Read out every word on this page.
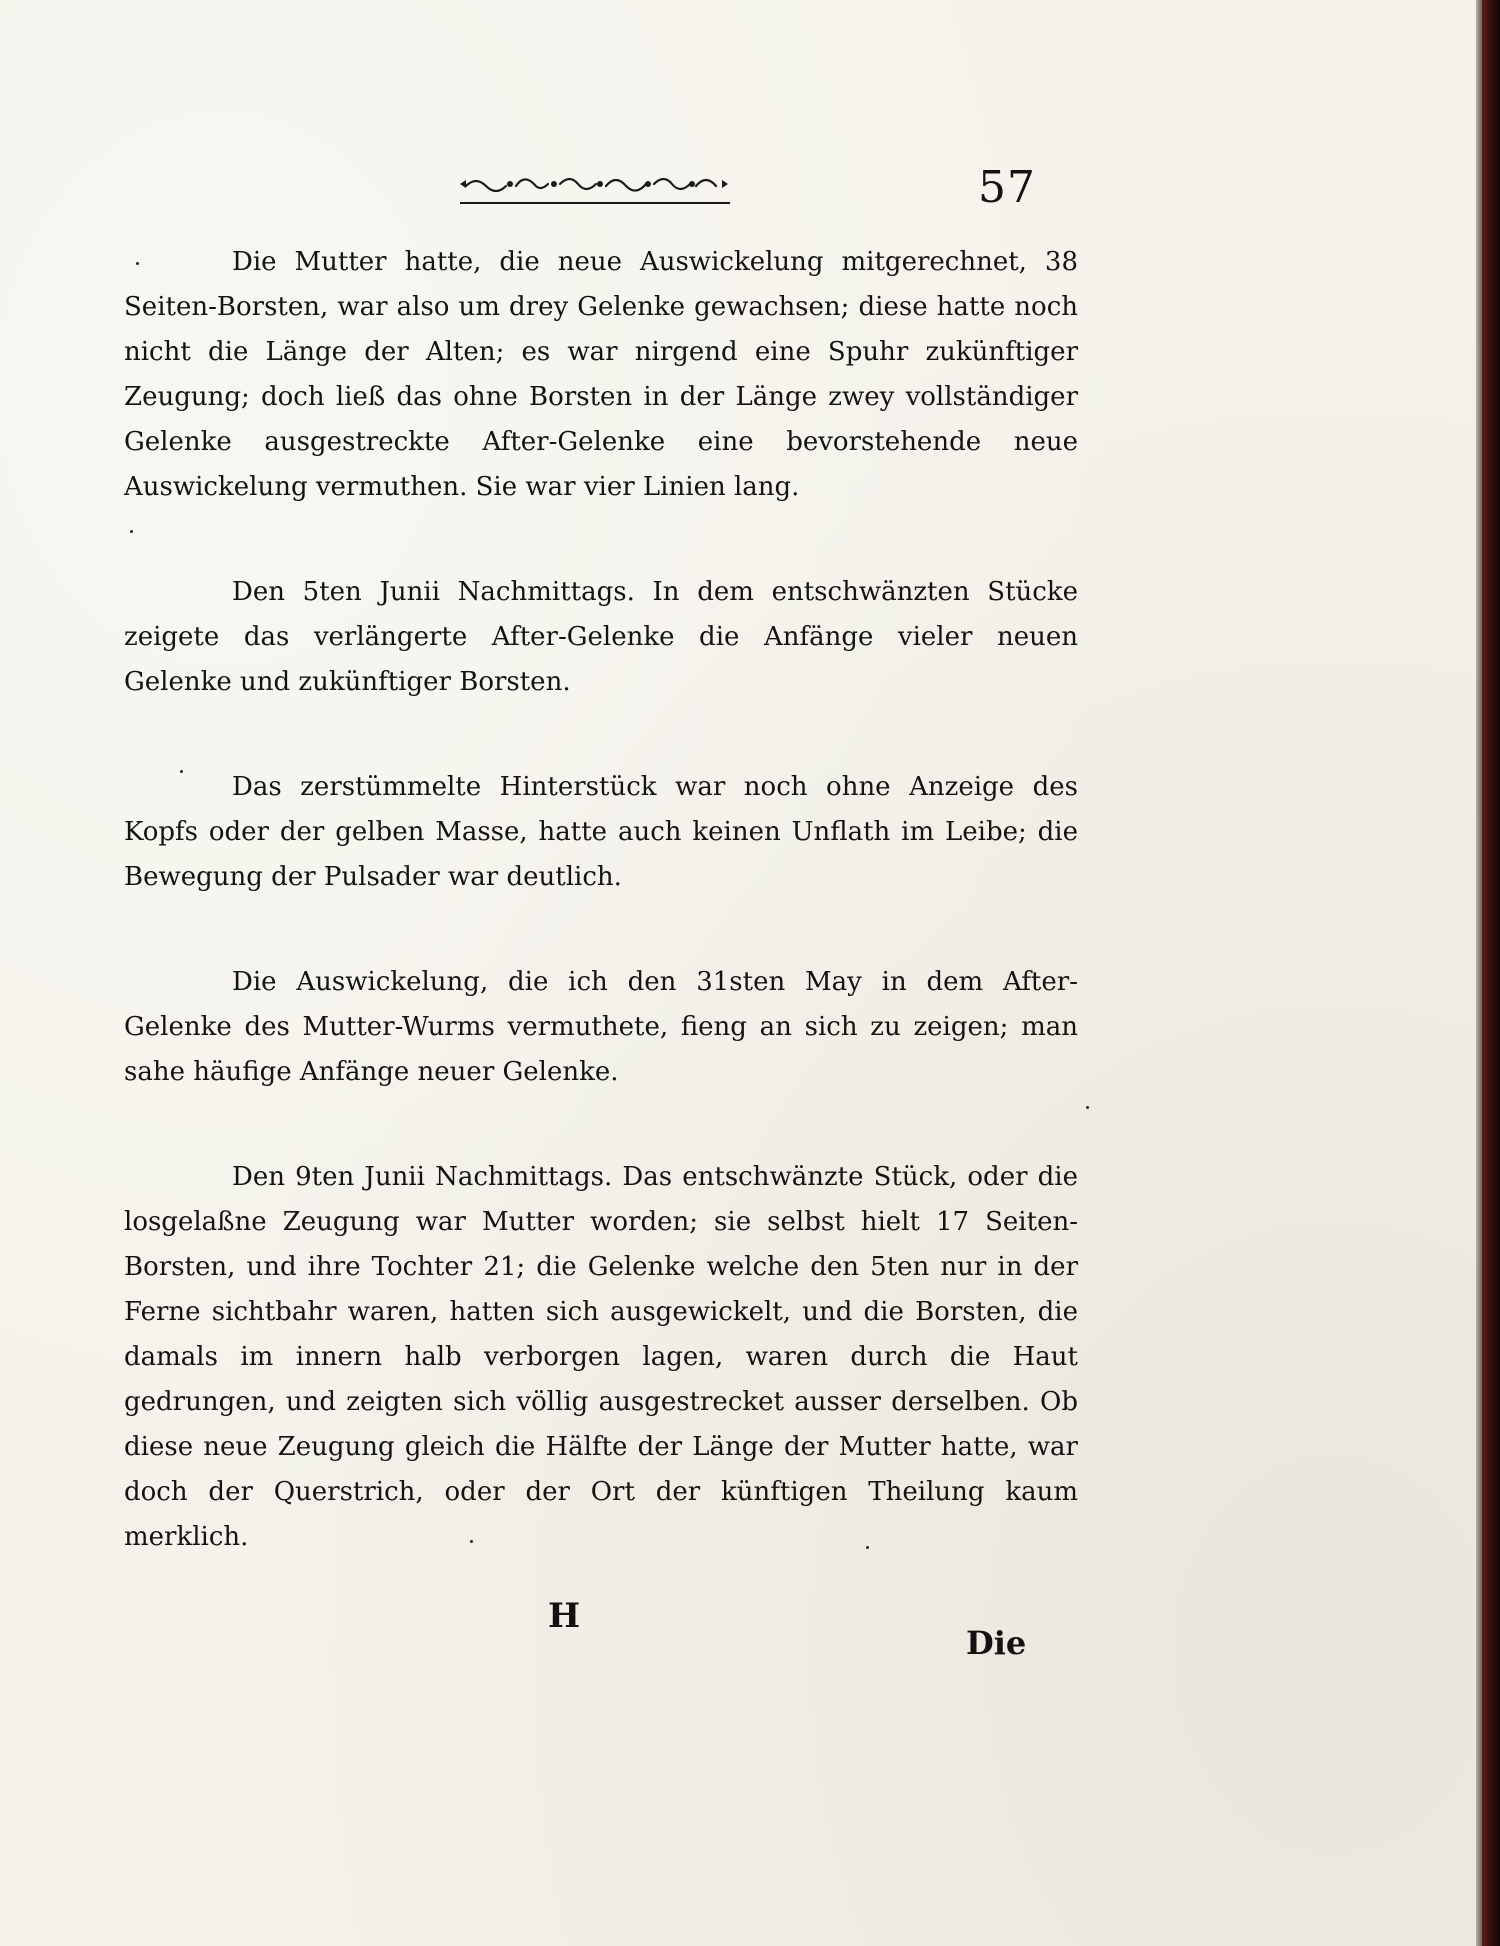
57

Die Mutter hatte, die neue Auswickelung mitgerechnet, 38 Seiten-Borsten, war also um drey Gelenke gewachsen; diese hatte noch nicht die Länge der Alten; es war nirgend eine Spuhr zukünftiger Zeugung; doch ließ das ohne Borsten in der Länge zwey vollständiger Gelenke ausgestreckte After-Gelenke eine bevorstehende neue Auswickelung vermuthen. Sie war vier Linien lang.

Den 5ten Junii Nachmittags. In dem entschwänzten Stücke zeigete das verlängerte After-Gelenke die Anfänge vieler neuen Gelenke und zukünftiger Borsten.

Das zerstümmelte Hinterstück war noch ohne Anzeige des Kopfs oder der gelben Masse, hatte auch keinen Unflath im Leibe; die Bewegung der Pulsader war deutlich.

Die Auswickelung, die ich den 31sten May in dem After-Gelenke des Mutter-Wurms vermuthete, fieng an sich zu zeigen; man sahe häufige Anfänge neuer Gelenke.

Den 9ten Junii Nachmittags. Das entschwänzte Stück, oder die losgelaßne Zeugung war Mutter worden; sie selbst hielt 17 Seiten-Borsten, und ihre Tochter 21; die Gelenke welche den 5ten nur in der Ferne sichtbahr waren, hatten sich ausgewickelt, und die Borsten, die damals im innern halb verborgen lagen, waren durch die Haut gedrungen, und zeigten sich völlig ausgestrecket ausser derselben. Ob diese neue Zeugung gleich die Hälfte der Länge der Mutter hatte, war doch der Querstrich, oder der Ort der künftigen Theilung kaum merklich.

H
Die
